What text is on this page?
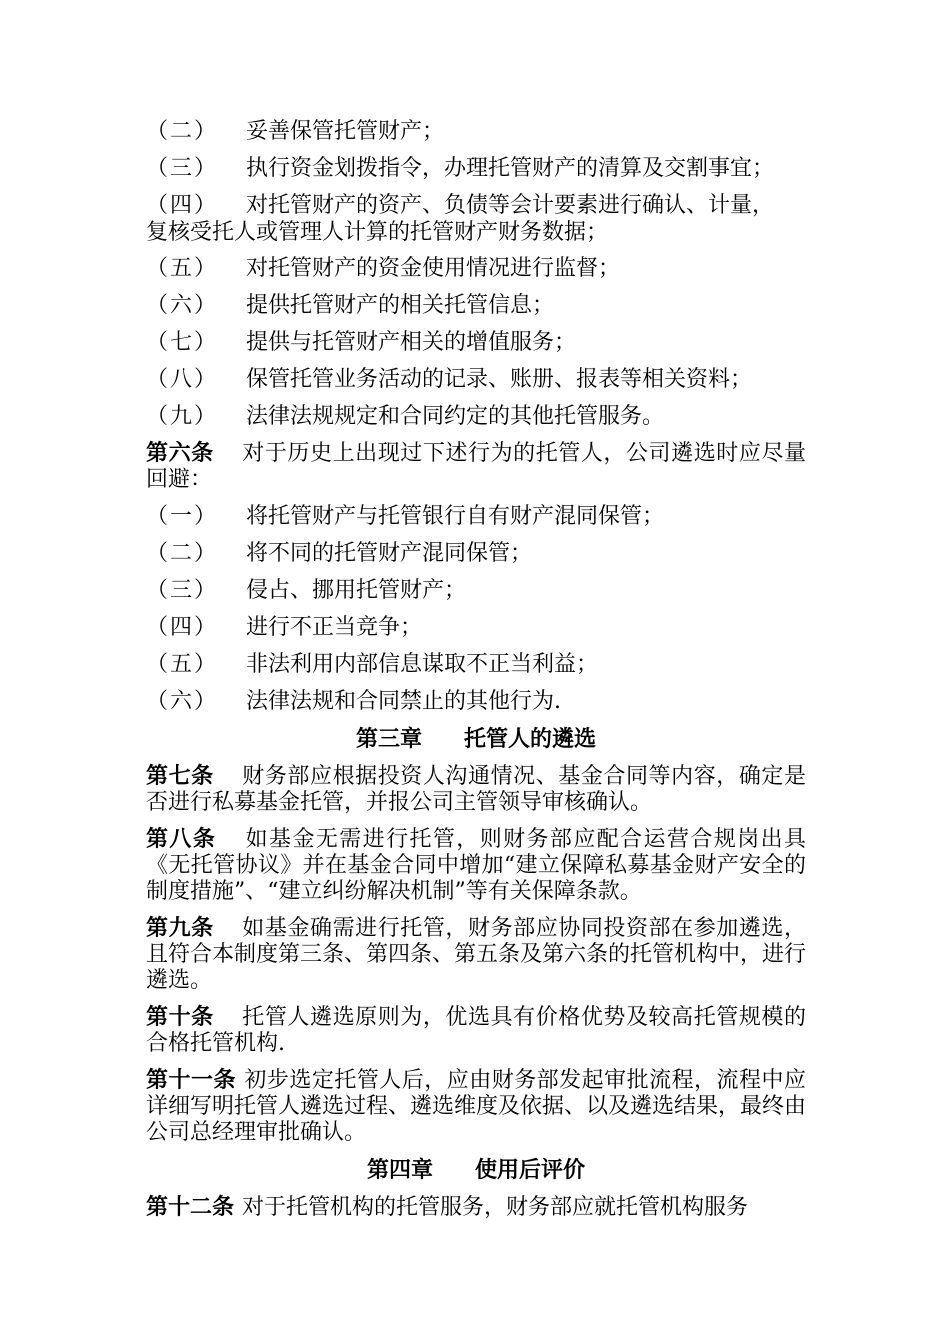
（二）	妥善保管托管财产；
（三）	执行资金划拨指令，办理托管财产的清算及交割事宜；
（四）	对托管财产的资产、负债等会计要素进行确认、计量，
复核受托人或管理人计算的托管财产财务数据；
（五）	对托管财产的资金使用情况进行监督；
（六）	提供托管财产的相关托管信息；
（七）	提供与托管财产相关的增值服务；
（八）	保管托管业务活动的记录、账册、报表等相关资料；
（九）	法律法规规定和合同约定的其他托管服务。
第六条 对于历史上出现过下述行为的托管人，公司遴选时应尽量回避：
（一）	将托管财产与托管银行自有财产混同保管；
（二）	将不同的托管财产混同保管；
（三）	侵占、挪用托管财产；
（四）	进行不正当竞争；
（五）	非法利用内部信息谋取不正当利益；
（六）	法律法规和合同禁止的其他行为.
第三章 托管人的遴选
第七条 财务部应根据投资人沟通情况、基金合同等内容，确定是否进行私募基金托管，并报公司主管领导审核确认。
第八条 如基金无需进行托管，则财务部应配合运营合规岗出具《无托管协议》并在基金合同中增加“建立保障私募基金财产安全的制度措施”、“建立纠纷解决机制”等有关保障条款。
第九条 如基金确需进行托管，财务部应协同投资部在参加遴选，且符合本制度第三条、第四条、第五条及第六条的托管机构中，进行遴选。
第十条 托管人遴选原则为，优选具有价格优势及较高托管规模的合格托管机构.
第十一条 初步选定托管人后，应由财务部发起审批流程，流程中应详细写明托管人遴选过程、遴选维度及依据、以及遴选结果，最终由公司总经理审批确认。
第四章 使用后评价
第十二条 对于托管机构的托管服务，财务部应就托管机构服务
